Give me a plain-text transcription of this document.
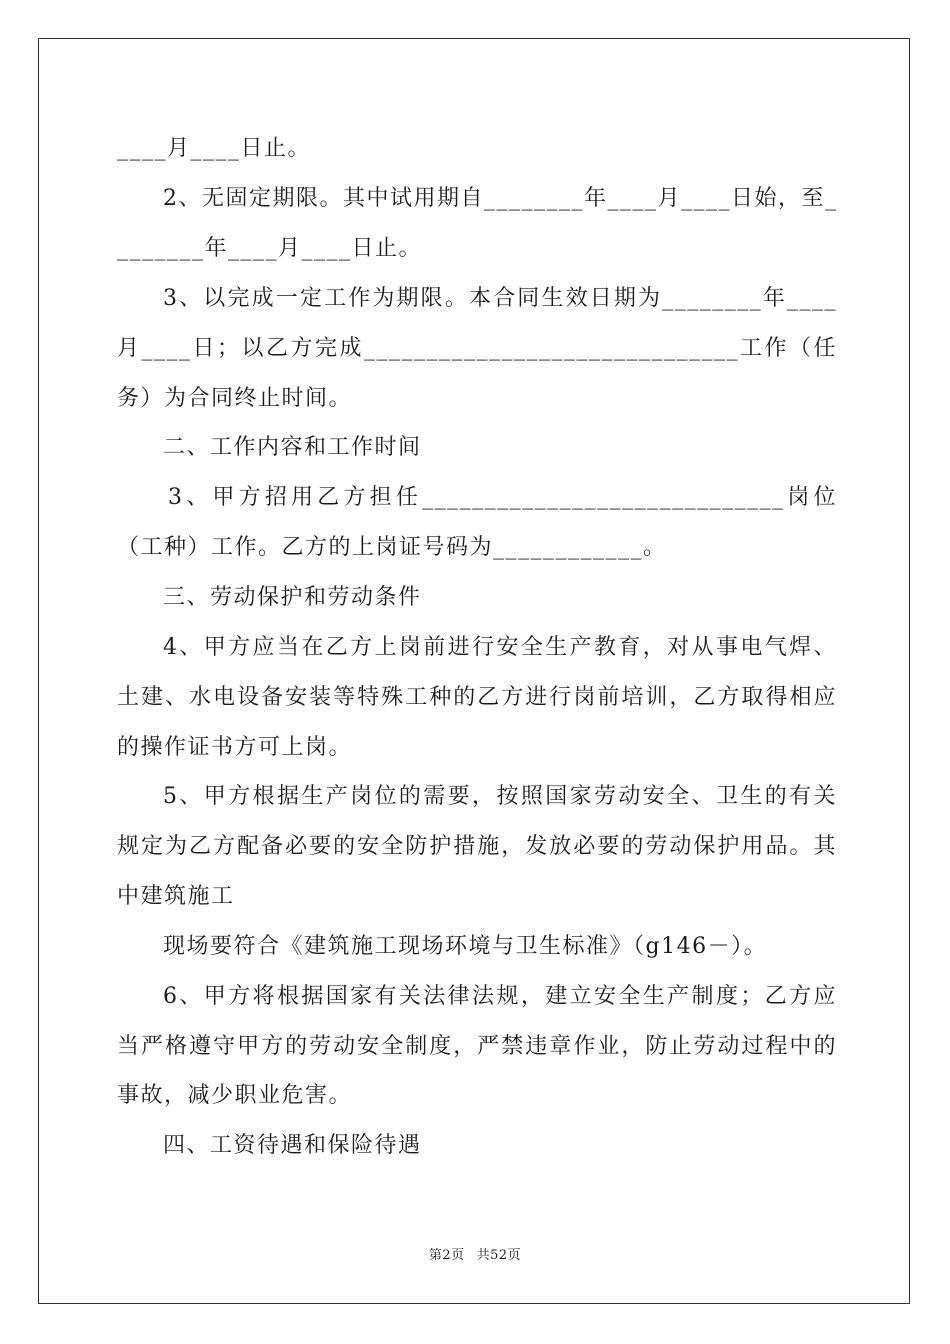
____月____日止。
2、无固定期限。其中试用期自________年____月____日始，至_
_______年____月____日止。
3、以完成一定工作为期限。本合同生效日期为________年____
月____日；以乙方完成______________________________工作（任
务）为合同终止时间。
二、工作内容和工作时间
3、甲方招用乙方担任_____________________________岗位
（工种）工作。乙方的上岗证号码为____________。
三、劳动保护和劳动条件
4、甲方应当在乙方上岗前进行安全生产教育，对从事电气焊、
土建、水电设备安装等特殊工种的乙方进行岗前培训，乙方取得相应
的操作证书方可上岗。
5、甲方根据生产岗位的需要，按照国家劳动安全、卫生的有关
规定为乙方配备必要的安全防护措施，发放必要的劳动保护用品。其
中建筑施工
现场要符合《建筑施工现场环境与卫生标准》（g146－）。
6、甲方将根据国家有关法律法规，建立安全生产制度；乙方应
当严格遵守甲方的劳动安全制度，严禁违章作业，防止劳动过程中的
事故，减少职业危害。
四、工资待遇和保险待遇
第2页 共52页
